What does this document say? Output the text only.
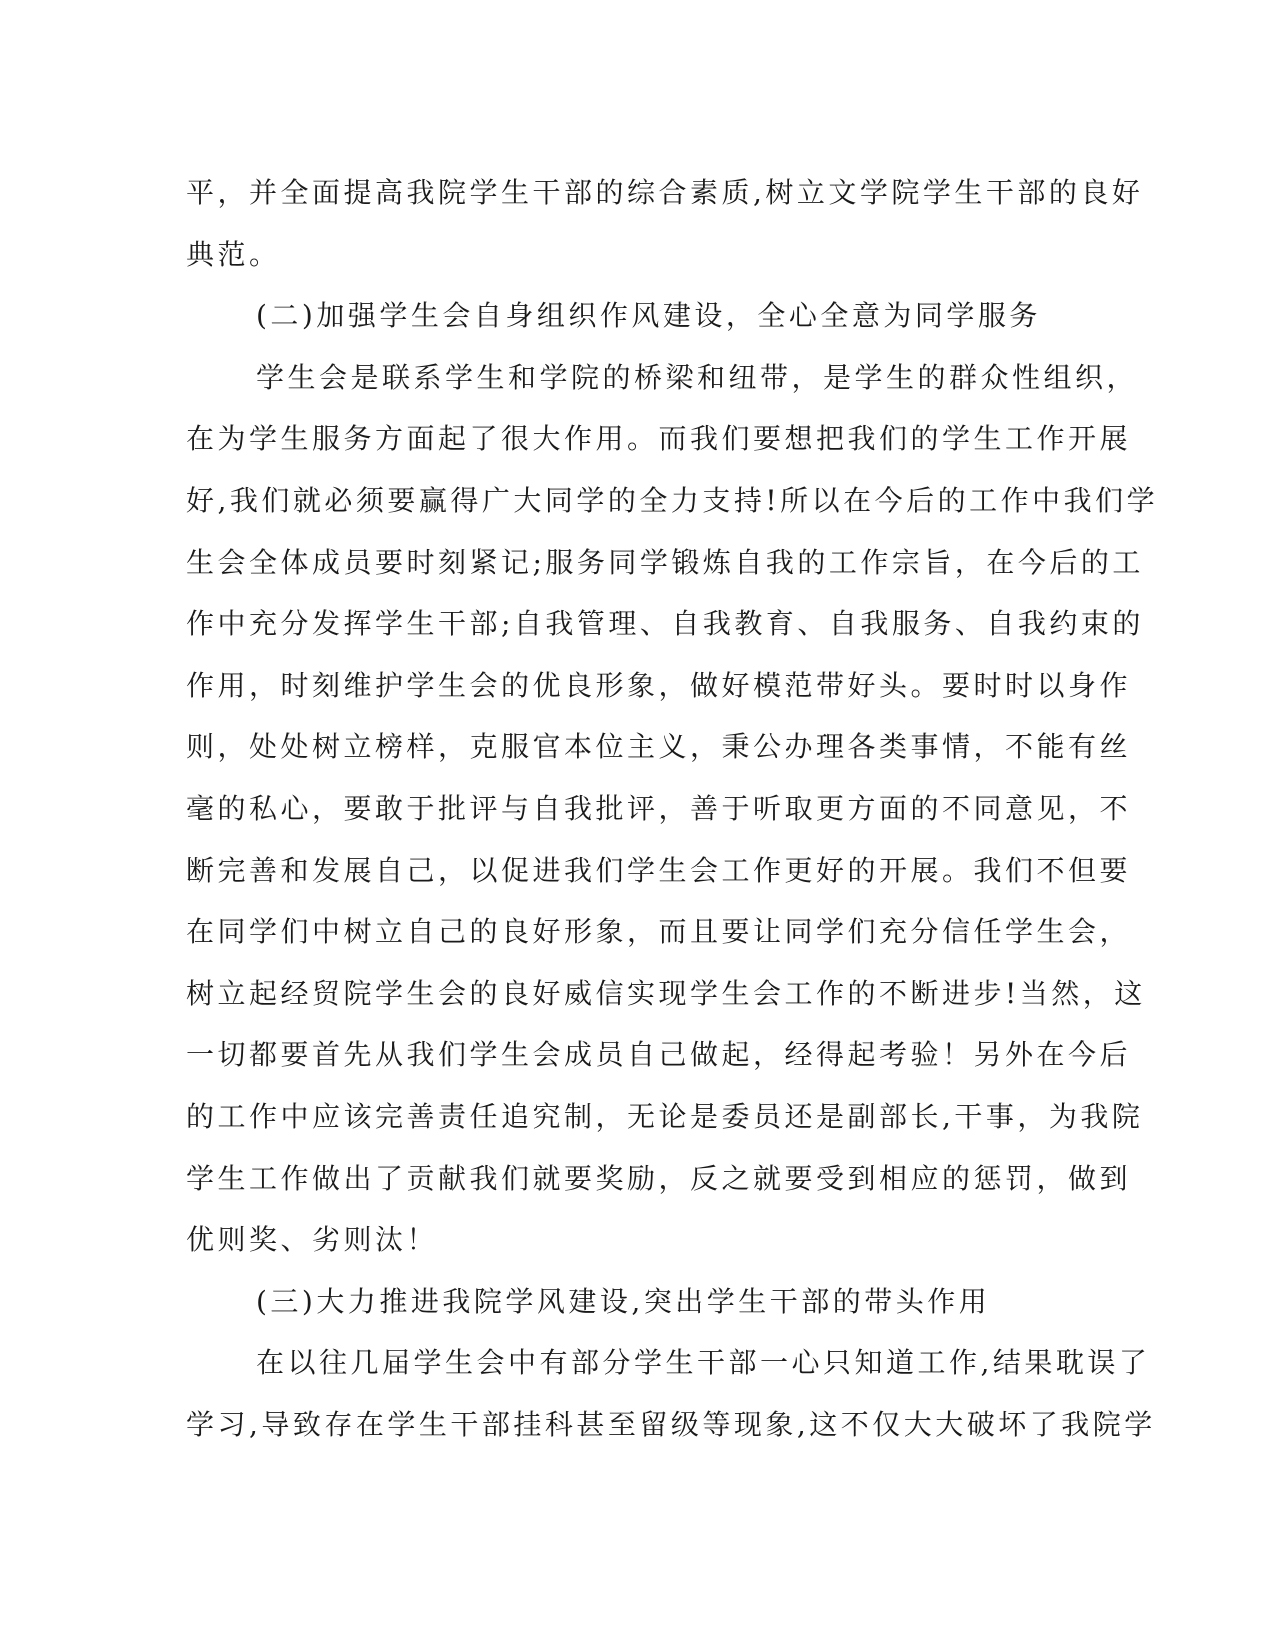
平，并全面提高我院学生干部的综合素质,树立文学院学生干部的良好
典范。
(二)加强学生会自身组织作风建设，全心全意为同学服务
学生会是联系学生和学院的桥梁和纽带，是学生的群众性组织，
在为学生服务方面起了很大作用。而我们要想把我们的学生工作开展
好,我们就必须要赢得广大同学的全力支持!所以在今后的工作中我们学
生会全体成员要时刻紧记;服务同学锻炼自我的工作宗旨，在今后的工
作中充分发挥学生干部;自我管理、自我教育、自我服务、自我约束的
作用，时刻维护学生会的优良形象，做好模范带好头。要时时以身作
则，处处树立榜样，克服官本位主义，秉公办理各类事情，不能有丝
毫的私心，要敢于批评与自我批评，善于听取更方面的不同意见，不
断完善和发展自己，以促进我们学生会工作更好的开展。我们不但要
在同学们中树立自己的良好形象，而且要让同学们充分信任学生会，
树立起经贸院学生会的良好威信实现学生会工作的不断进步!当然，这
一切都要首先从我们学生会成员自己做起，经得起考验！另外在今后
的工作中应该完善责任追究制，无论是委员还是副部长,干事，为我院
学生工作做出了贡献我们就要奖励，反之就要受到相应的惩罚，做到
优则奖、劣则汰！
(三)大力推进我院学风建设,突出学生干部的带头作用
在以往几届学生会中有部分学生干部一心只知道工作,结果耽误了
学习,导致存在学生干部挂科甚至留级等现象,这不仅大大破坏了我院学
